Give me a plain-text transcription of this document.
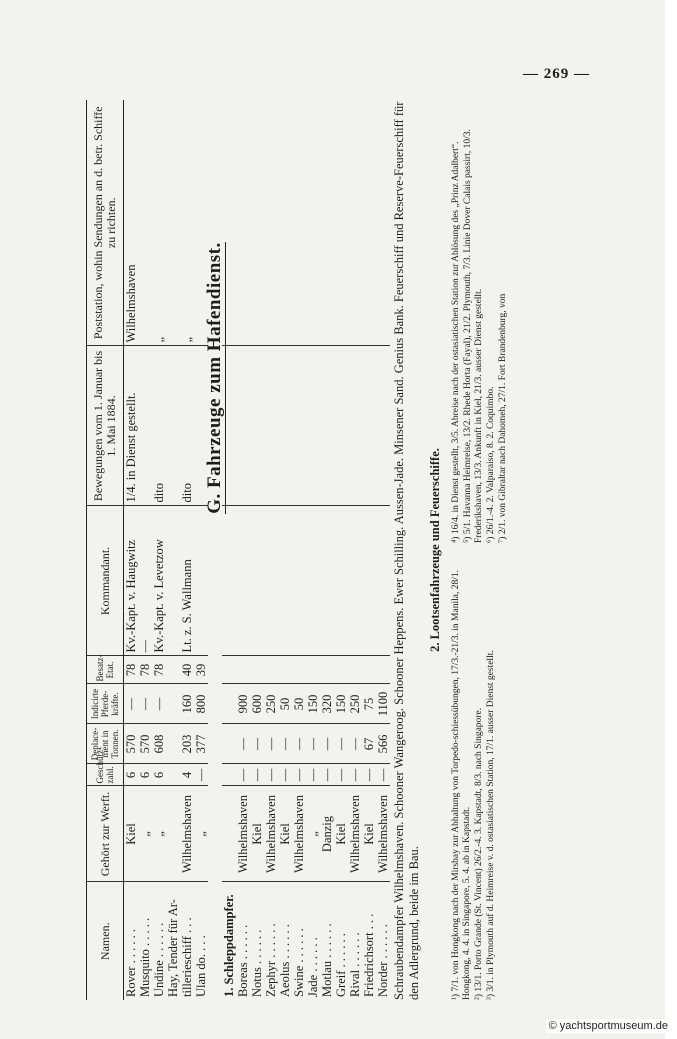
— 269 —
Namen.	Gehört zur Werft.	Geschütz-zahl.	Deplace-ment in Tonnen.	Indicirte Pferde-kräfte.	Besatz-Etat.	Kommandant.	Bewegungen vom 1. Januar bis 1. Mai 1884.	Poststation, wohin Sendungen an d. betr. Schiffe zu richten.
Rover . . . . . .	Kiel	6	570	—	78	Kv.-Kapt. v. Haugwitz	1/4. in Dienst gestellt.	Wilhelmshaven
Musquito . . . . .	„	6	570	—	78	—		
Undine . . . . . .	„	6	608	—	78	Kv.-Kapt. v. Levetzow	dito	„
Hay, Tender für Ar-								
tillerieschiff . . .	Wilhelmshaven	4	203	160	40	Lt. z. S. Wallmann	dito	„
Ulan do. . . .	„	—	377	800	39			
						G. Fahrzeuge zum Hafendienst.		
1. Schleppdampfer.								
Boreas . . . . . .	Wilhelmshaven	—	—	900				
Notus . . . . . .	Kiel	—	—	600				
Zephyr . . . . . .	Wilhelmshaven	—	—	250				
Aeolus . . . . . .	Kiel	—	—	50				
Swine . . . . . .	Wilhelmshaven	—	—	50				
Jade . . . . . .	„	—	—	150				
Motlau . . . . . .	Danzig	—	—	320				
Greif . . . . . .	Kiel	—	—	150				
Rival . . . . . .	Wilhelmshaven	—	—	250				
Friedrichsort . . .	Kiel	—	67	75				
Norder . . . . . .	Wilhelmshaven	—	566	1100				Schraubendampfer Wilhelmshaven. Schooner Wangeroog. Schooner Heppens. Ewer Schilling. Aussen-Jade. Minsener Sand. Genius Bank. Feuerschiff und Reserve-Feuerschiff für den Adlergrund, beide im Bau.

2. Lootsenfahrzeuge und Feuerschiffe.

¹) 7/1. von Hongkong nach der Mirsbay zur Abhaltung von Torpedo-schiessübungen, 17/3.-21/3. in Manila, 28/1. Hongkong, 4. 4. in Singapore, 5. 4. ab in Kapstadt. ²) 13/1. Porto Grande (St. Vincent) 26/2.-4. 3. Kapstadt, 8/3. nach Singapore. ³) 3/1. in Plymouth auf d. Heimreise v. d. ostasiatischen Station, 17/1. ausser Dienst gestellt.

⁴) 16/4. in Dienst gestellt, 3/5. Abreise nach der ostasiatischen Station zur Ablösung des „Prinz Adalbert“. ⁵) 5/1. Havanna Heimreise, 13/2. Rhede Horta (Fayal), 21/2. Plymouth, 7/3. Linie Dover Calais passirt, 10/3. Frederikshaven, 13/3. Ankunft in Kiel, 21/3. ausser Dienst gestellt. ⁶) 26/1.-4. 2. Valparaiso, 8. 2. Coquimbo. ⁷) 2/1. von Gibraltar nach Dahomeh, 27/1. Fort Brandenburg, von

© yachtsportmuseum.de
